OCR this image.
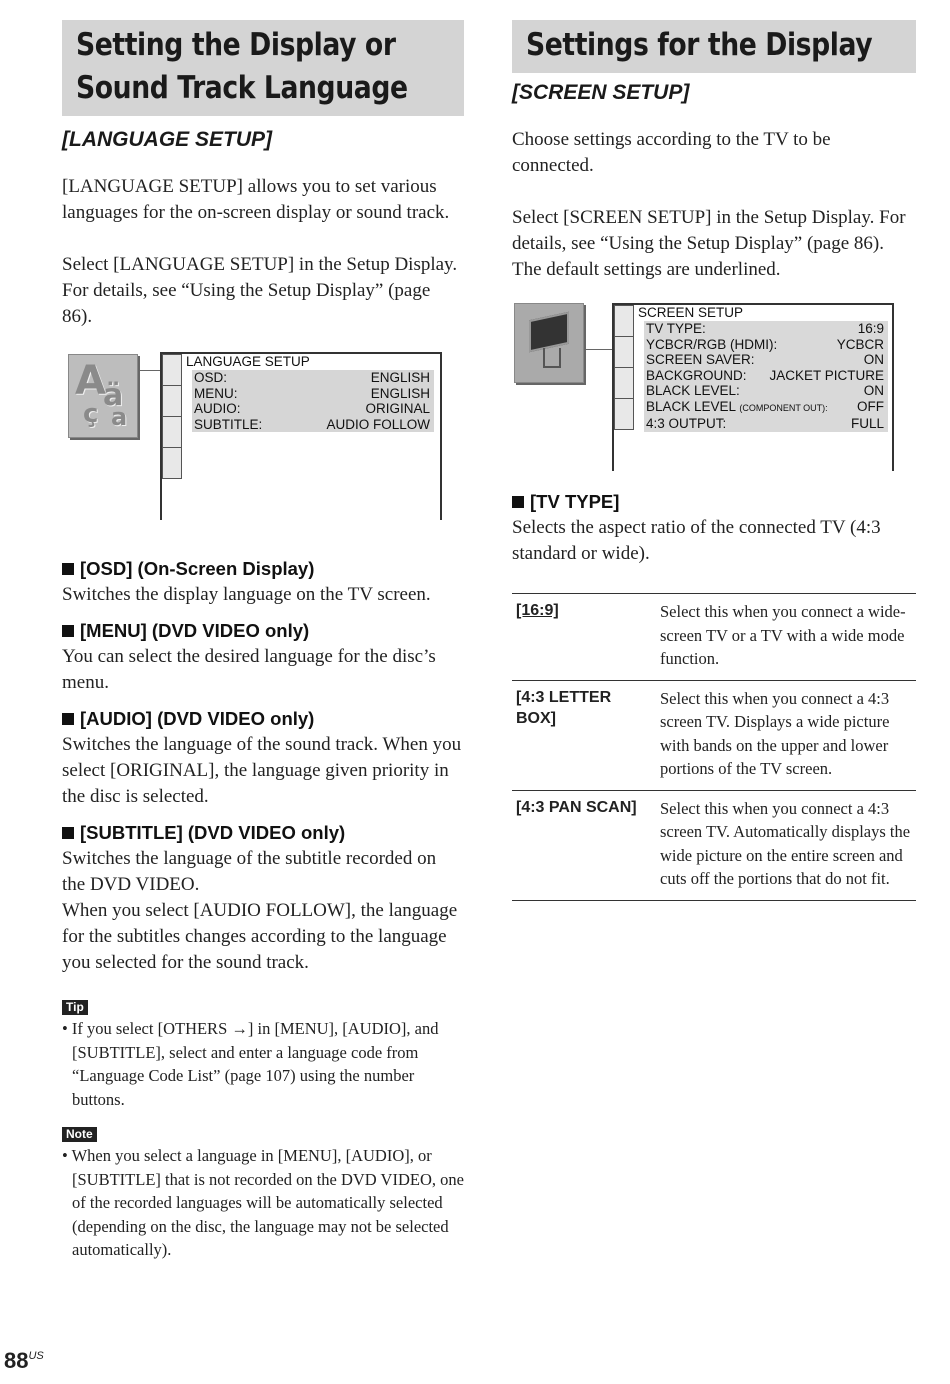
Setting the Display or
Sound Track Language
[LANGUAGE SETUP]

[LANGUAGE SETUP] allows you to set various languages for the on-screen display or sound track.

Select [LANGUAGE SETUP] in the Setup Display. For details, see “Using the Setup Display” (page 86).

A
ä
ç a
LANGUAGE SETUP
OSD:	ENGLISH
MENU:	ENGLISH
AUDIO:	ORIGINAL
SUBTITLE:	AUDIO FOLLOW

[OSD] (On-Screen Display)

Switches the display language on the TV screen.

[MENU] (DVD VIDEO only)

You can select the desired language for the disc’s menu.

[AUDIO] (DVD VIDEO only)

Switches the language of the sound track. When you select [ORIGINAL], the language given priority in the disc is selected.

[SUBTITLE] (DVD VIDEO only)

Switches the language of the subtitle recorded on the DVD VIDEO.

When you select [AUDIO FOLLOW], the language for the subtitles changes according to the language you selected for the sound track.

Tip

• If you select [OTHERS →] in [MENU], [AUDIO], and [SUBTITLE], select and enter a language code from “Language Code List” (page 107) using the number buttons.

Note

• When you select a language in [MENU], [AUDIO], or [SUBTITLE] that is not recorded on the DVD VIDEO, one of the recorded languages will be automatically selected (depending on the disc, the language may not be selected automatically).

Settings for the Display
[SCREEN SETUP]

Choose settings according to the TV to be connected.

Select [SCREEN SETUP] in the Setup Display. For details, see “Using the Setup Display” (page 86).

The default settings are underlined.

SCREEN SETUP
TV TYPE:	16:9
YCBCR/RGB (HDMI):	YCBCR
SCREEN SAVER:	ON
BACKGROUND: JACKET PICTURE
BLACK LEVEL:	ON
BLACK LEVEL (COMPONENT OUT): OFF
4:3 OUTPUT:	FULL

[TV TYPE]

Selects the aspect ratio of the connected TV (4:3 standard or wide).

[16:9]	Select this when you connect a wide-screen TV or a TV with a wide mode function.
[4:3 LETTER BOX]	Select this when you connect a 4:3 screen TV. Displays a wide picture with bands on the upper and lower portions of the TV screen.
[4:3 PAN SCAN]	Select this when you connect a 4:3 screen TV. Automatically displays the wide picture on the entire screen and cuts off the portions that do not fit.
$88^{US}$
